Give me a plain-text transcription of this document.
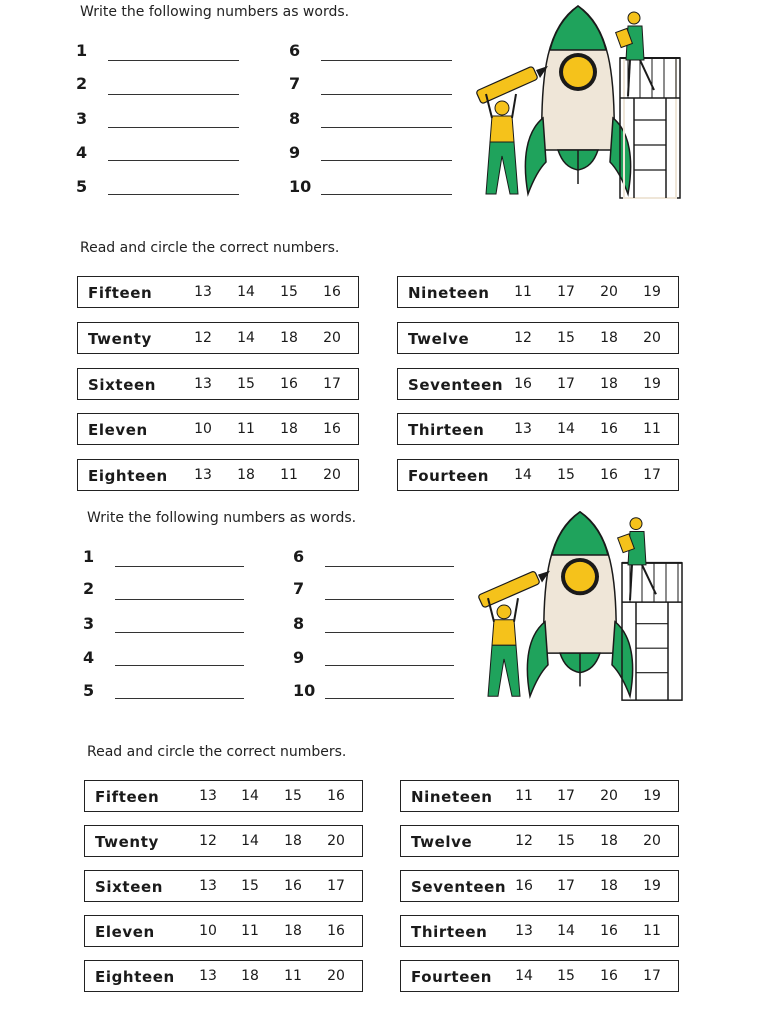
Write the following numbers as words.
1
2
3
4
5
6
7
8
9
10
Read and circle the correct numbers.
Fifteen	13	14	15	16
Twenty	12	14	18	20
Sixteen	13	15	16	17
Eleven	10	11	18	16
Eighteen	13	18	11	20
Nineteen	11	17	20	19
Twelve	12	15	18	20
Seventeen 16	17	18	19
Thirteen	13	14	16	11
Fourteen	14	15	16	17
Write the following numbers as words.
1
2
3
4
5
6
7
8
9
10
Read and circle the correct numbers.
Fifteen	13	14	15	16
Twenty	12	14	18	20
Sixteen	13	15	16	17
Eleven	10	11	18	16
Eighteen	13	18	11	20
Nineteen	11	17	20	19
Twelve	12	15	18	20
Seventeen 16	17	18	19
Thirteen	13	14	16	11
Fourteen	14	15	16	17
